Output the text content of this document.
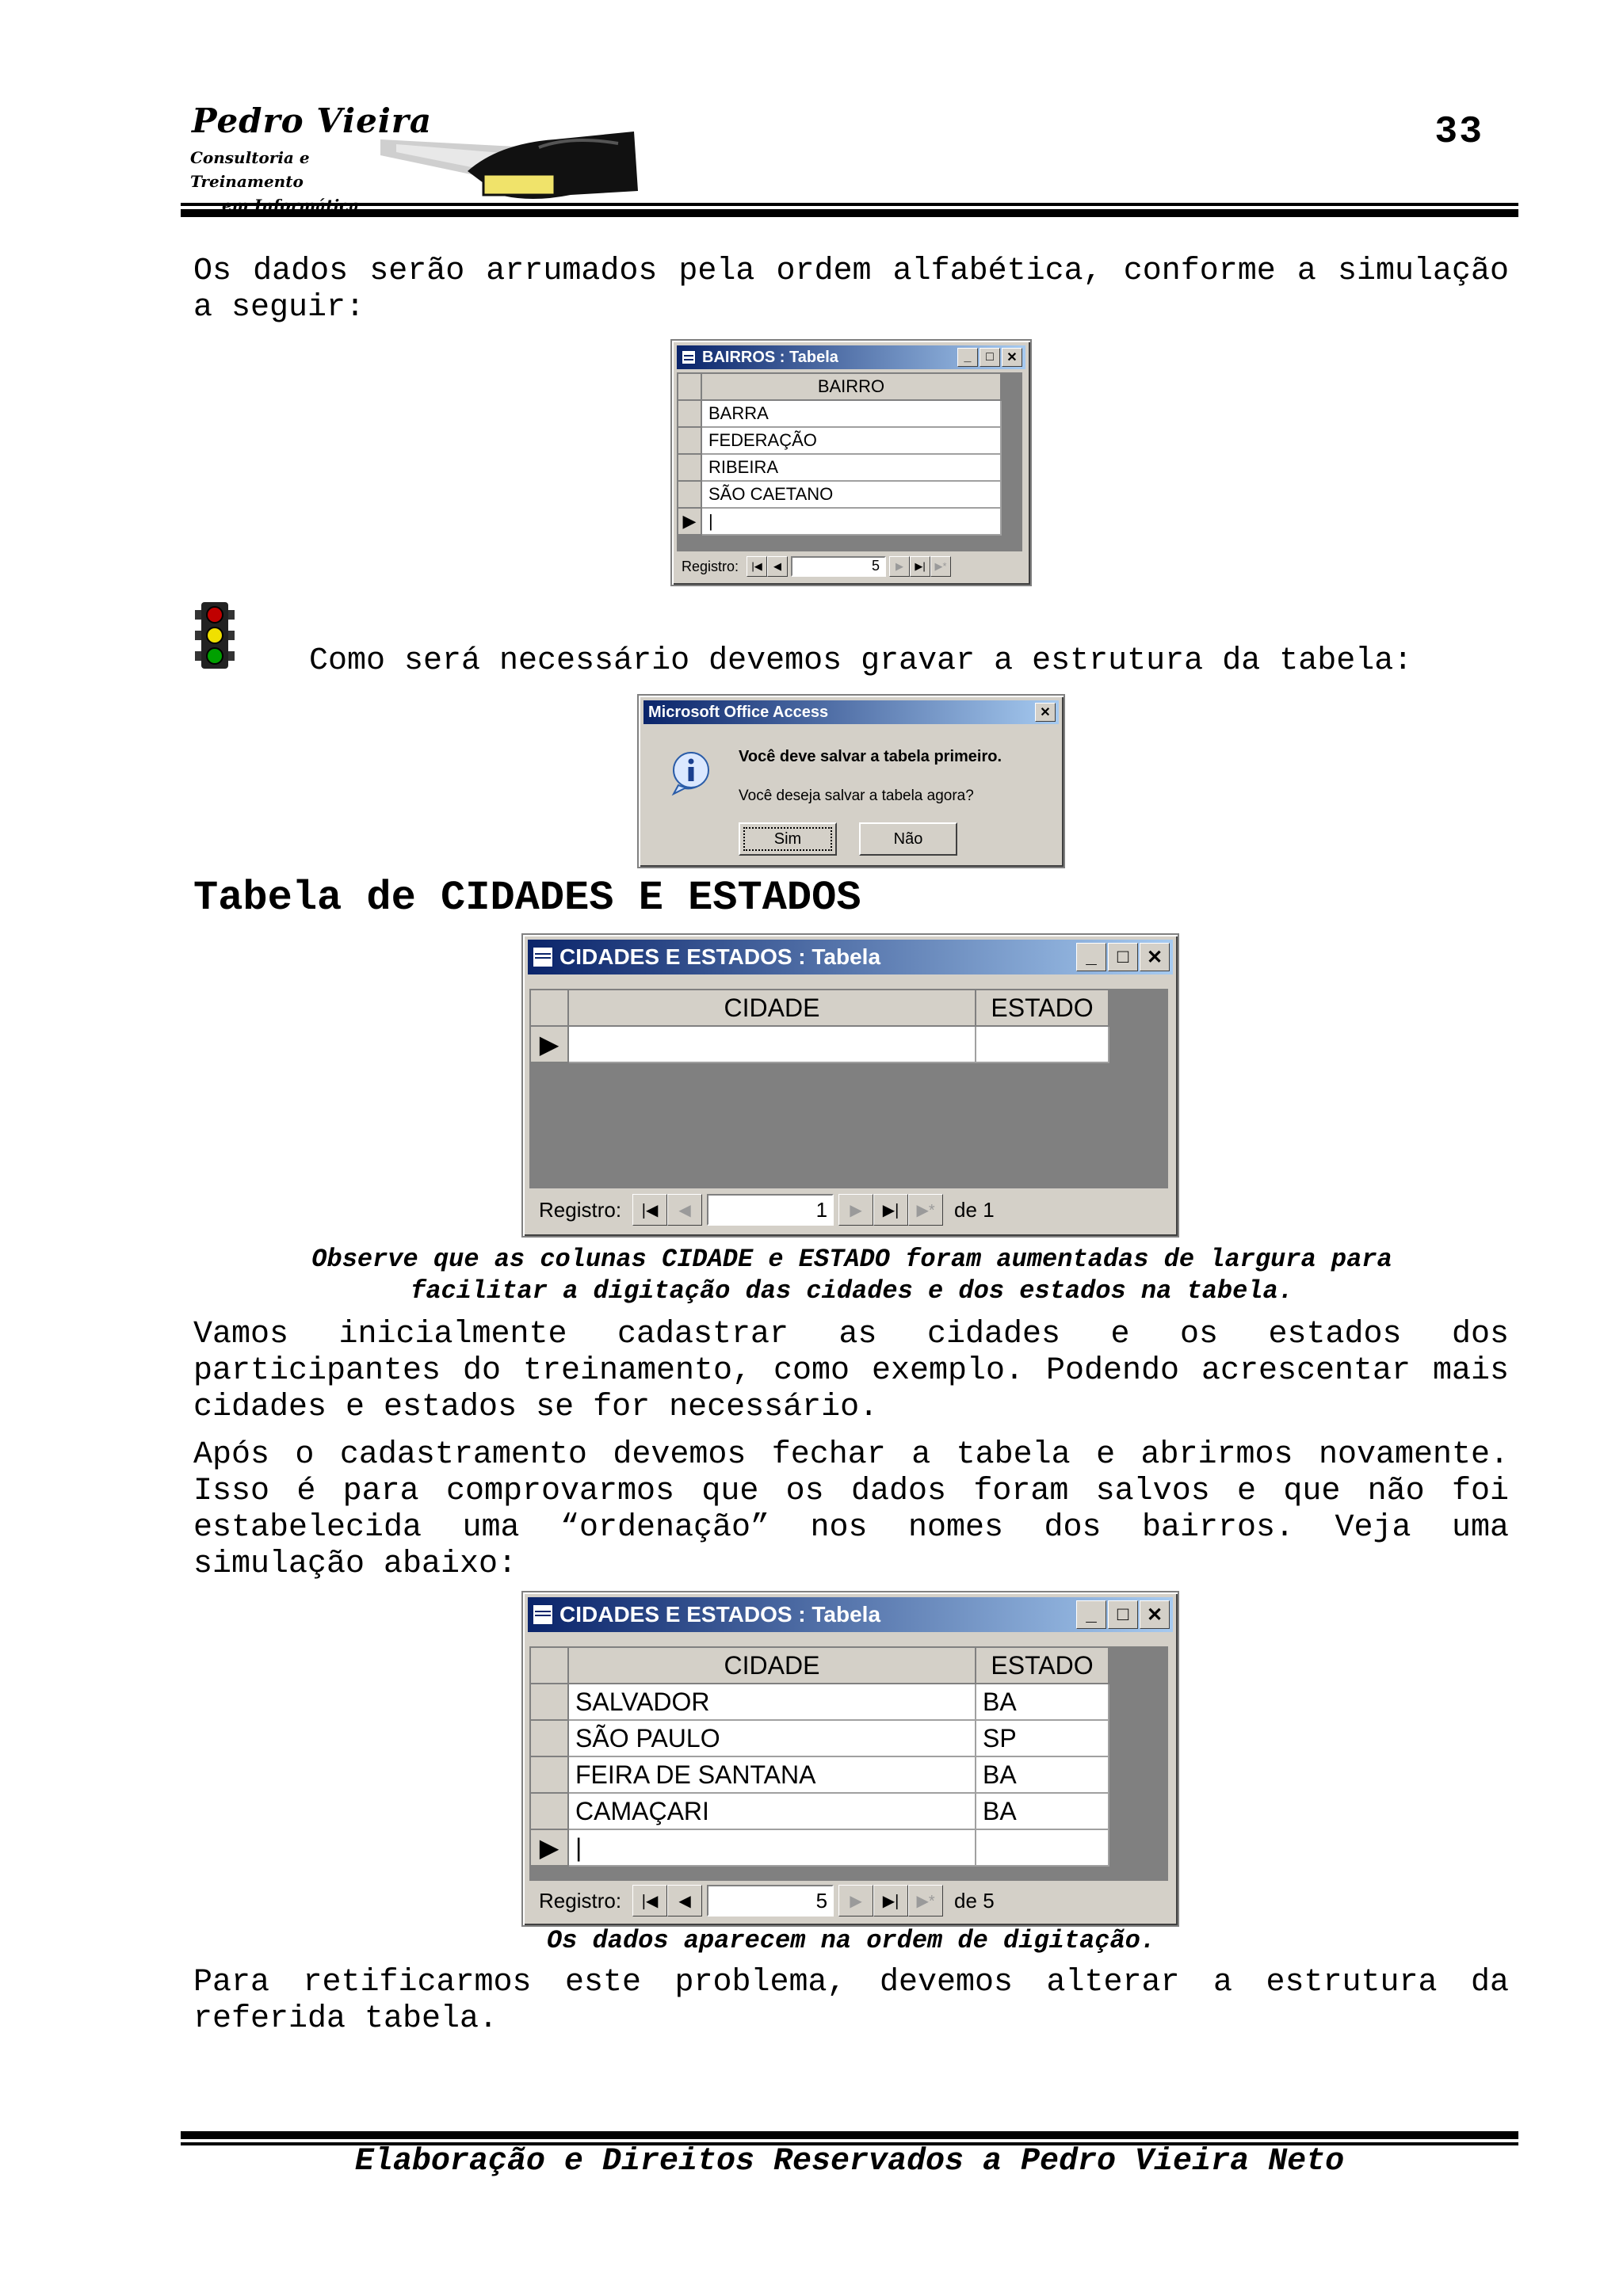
Pedro Vieira
Consultoria e Treinamento
33
Os dados serão arrumados pela ordem alfabética, conforme a simulação a seguir:
BAIRROS : Tabela	_	□	✕
	BAIRRO
	BARRA
	FEDERAÇÃO
	RIBEIRA
	SÃO CAETANO
▶	|
Registro:	|◀	◀	5	▶	▶| ▶*
Como será necessário devemos gravar a estrutura da tabela:
Microsoft Office Access	✕
Você deve salvar a tabela primeiro.
Você deseja salvar a tabela agora?
Sim	Não
Tabela de CIDADES E ESTADOS
CIDADES E ESTADOS : Tabela	_	□ ✕
	CIDADE	ESTADO
▶		
Registro:	|◀	◀	1	▶	▶|	▶* de 1
Observe que as colunas CIDADE e ESTADO foram aumentadas de largura para facilitar a digitação das cidades e dos estados na tabela.
Vamos inicialmente cadastrar as cidades e os estados dos participantes do treinamento, como exemplo. Podendo acrescentar mais cidades e estados se for necessário.
Após o cadastramento devemos fechar a tabela e abrirmos novamente. Isso é para comprovarmos que os dados foram salvos e que não foi estabelecida uma “ordenação” nos nomes dos bairros. Veja uma simulação abaixo:
CIDADES E ESTADOS : Tabela	_	□ ✕
	CIDADE	ESTADO
	SALVADOR	BA
	SÃO PAULO	SP
	FEIRA DE SANTANA	BA
	CAMAÇARI	BA
▶	|	
Registro:	|◀	◀	5	▶	▶|	▶* de 5
Os dados aparecem na ordem de digitação.
Para retificarmos este problema, devemos alterar a estrutura da referida tabela.
Elaboração e Direitos Reservados a Pedro Vieira Neto
